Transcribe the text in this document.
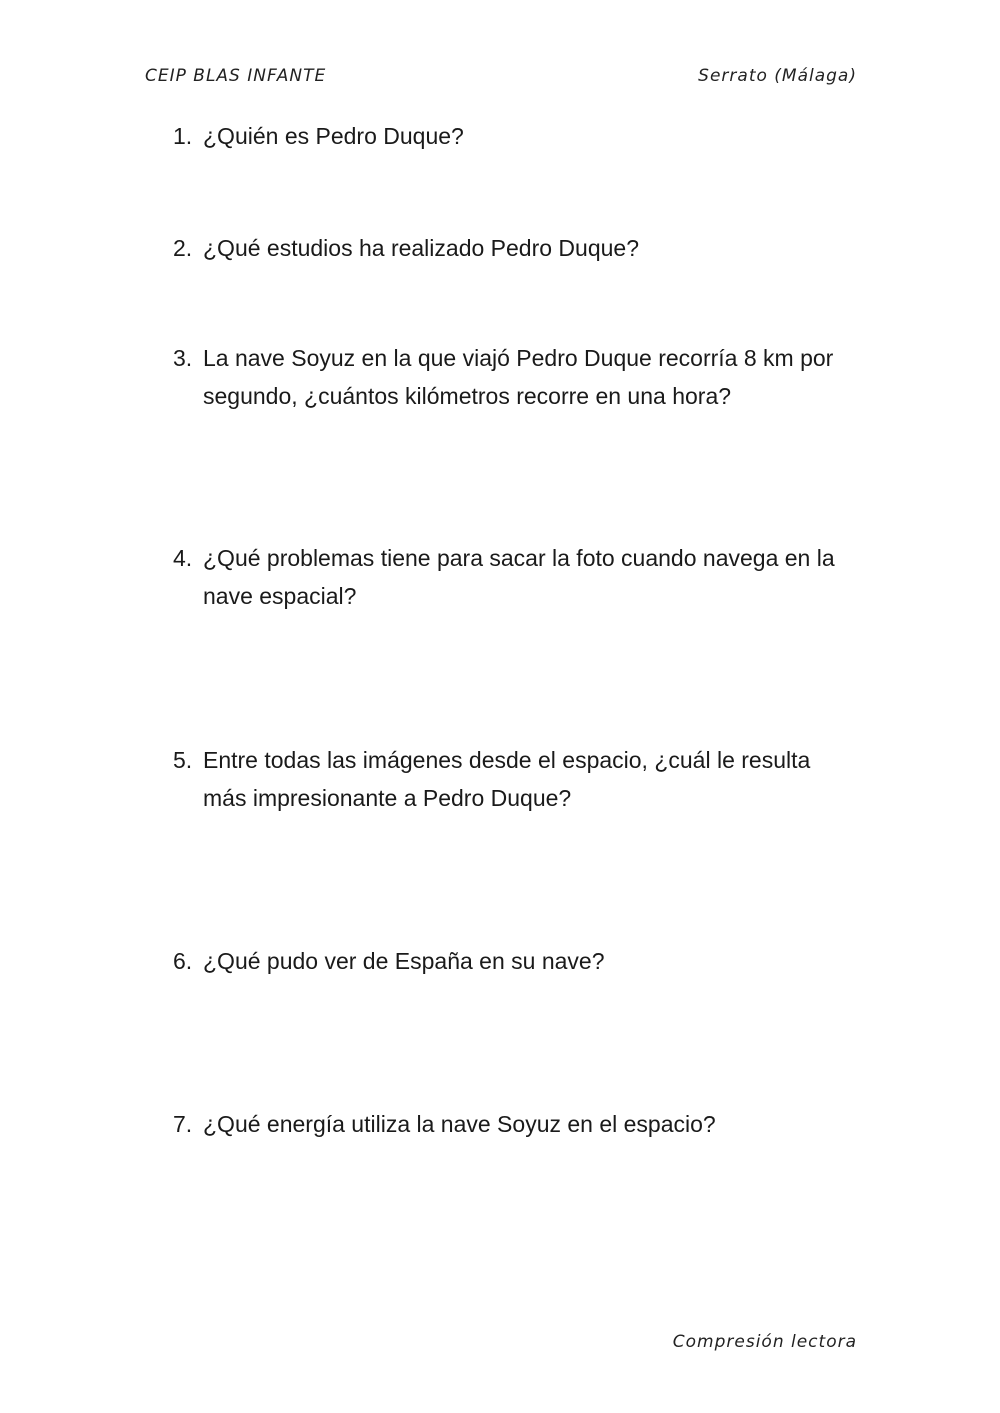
CEIP BLAS INFANTE	Serrato (Málaga)
1. ¿Quién es Pedro Duque?
2. ¿Qué estudios ha realizado Pedro Duque?
3. La nave Soyuz en la que viajó Pedro Duque recorría 8 km por segundo, ¿cuántos kilómetros recorre en una hora?
4. ¿Qué problemas tiene para sacar la foto cuando navega en la nave espacial?
5. Entre todas las imágenes desde el espacio, ¿cuál le resulta más impresionante a Pedro Duque?
6. ¿Qué pudo ver de España en su nave?
7. ¿Qué energía utiliza la nave Soyuz en el espacio?
Compresión lectora
